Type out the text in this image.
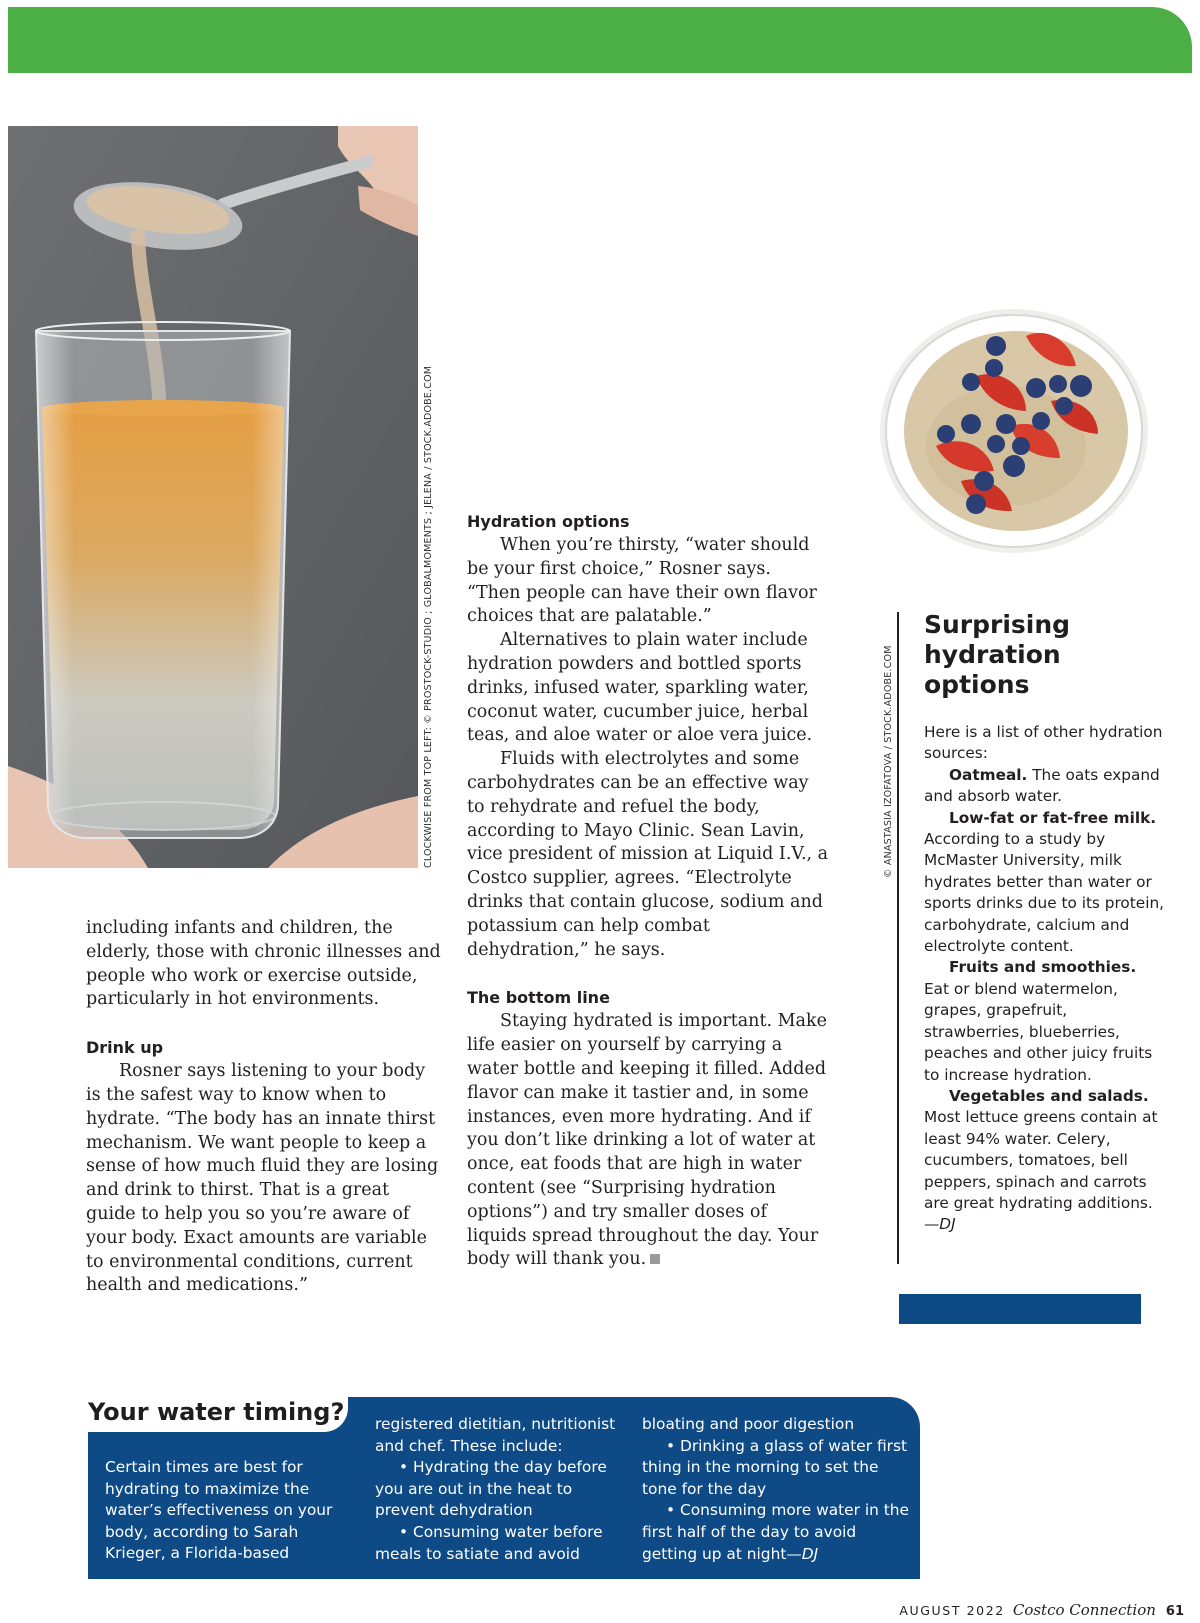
CLOCKWISE FROM TOP LEFT: © PROSTOCK-STUDIO ; GLOBALMOMENTS ; JELENA / STOCK.ADOBE.COM	© ANASTASIA IZOFATOVA / STOCK.ADOBE.COM

including infants and children, the elderly, those with chronic illnesses and people who work or exercise outside, particularly in hot environments.

Drink up

Rosner says listening to your body is the safest way to know when to hydrate. “The body has an innate thirst mechanism. We want people to keep a sense of how much fluid they are losing and drink to thirst. That is a great guide to help you so you’re aware of your body. Exact amounts are variable to environmental conditions, current health and medications.”

Hydration options

When you’re thirsty, “water should be your first choice,” Rosner says. “Then people can have their own flavor choices that are palatable.”

Alternatives to plain water include hydration powders and bottled sports drinks, infused water, sparkling water, coconut water, cucumber juice, herbal teas, and aloe water or aloe vera juice.

Fluids with electrolytes and some carbohydrates can be an effective way to rehydrate and refuel the body, according to Mayo Clinic. Sean Lavin, vice president of mission at Liquid I.V., a Costco supplier, agrees. “Electrolyte drinks that contain glucose, sodium and potassium can help combat dehydration,” he says.

The bottom line

Staying hydrated is important. Make life easier on yourself by carrying a water bottle and keeping it filled. Added flavor can make it tastier and, in some instances, even more hydrating. And if you don’t like drinking a lot of water at once, eat foods that are high in water content (see “Surprising hydration options”) and try smaller doses of liquids spread throughout the day. Your body will thank you.

Surprising hydration options

Here is a list of other hydration sources:

Oatmeal. The oats expand and absorb water.

Low-fat or fat-free milk. According to a study by McMaster University, milk hydrates better than water or sports drinks due to its protein, carbohydrate, calcium and electrolyte content.

Fruits and smoothies. Eat or blend watermelon, grapes, grapefruit, strawberries, blueberries, peaches and other juicy fruits to increase hydration.

Vegetables and salads. Most lettuce greens contain at least 94% water. Celery, cucumbers, tomatoes, bell peppers, spinach and carrots are great hydrating additions.—DJ

Your water timing?

Certain times are best for hydrating to maximize the water’s effectiveness on your body, according to Sarah Krieger, a Florida-based

registered dietitian, nutritionist and chef. These include:

• Hydrating the day before you are out in the heat to prevent dehydration

• Consuming water before meals to satiate and avoid

bloating and poor digestion

• Drinking a glass of water first thing in the morning to set the tone for the day

• Consuming more water in the first half of the day to avoid getting up at night—DJ

AUGUST 2022 Costco Connection 61
